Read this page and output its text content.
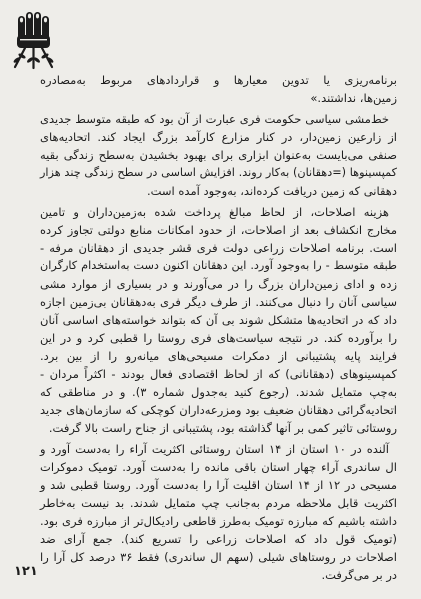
برنامه‌ریزی یا تدوین معیارها و قراردادهای مربوط به‌مصادره
زمین‌ها، نداشتند.»
خط‌مشی سیاسی حکومت فری عبارت از آن بود که طبقه متوسط جدیدی
از زارعین زمین‌دار، در کنار مزارع کارآمد بزرگ ایجاد کند. اتحادیه‌های
صنفی می‌بایست به‌عنوان ابزاری برای بهبود بخشیدن به‌سطح زندگی بقیه
کمپسینوها (=دهقانان) به‌کار روند. افزایش اساسی در سطح زندگی چند هزار
دهقانی که زمین دریافت کرده‌اند، به‌وجود آمده است.
هزینه اصلاحات، از لحاظ مبالغ پرداخت شده به‌زمین‌داران و تامین
مخارج انکشاف بعد از اصلاحات، از حدود امکانات منابع دولتی تجاوز کرده
است. برنامه اصلاحات زراعی دولت فری قشر جدیدی از دهقانان مرفه -
طبقه متوسط - را به‌وجود آورد. این دهقانان اکنون دست به‌استخدام کارگران
زده و ادای زمین‌داران بزرگ را در می‌آورند و در بسیاری از موارد مشی
سیاسی آنان را دنبال می‌کنند. از طرف دیگر فری به‌دهقانان بی‌زمین اجازه
داد که در اتحادیه‌ها متشکل شوند بی آن که بتواند خواسته‌های اساسی آنان
را برآورده کند. در نتیجه سیاست‌های فری روستا را قطبی کرد و در این
فرایند پایه پشتیبانی از دمکرات مسیحی‌های میانه‌رو را از بین برد.
کمپسینوهای (دهقانانی) که از لحاظ اقتصادی فعال بودند - اکثراً مردان -
به‌چپ متمایل شدند. (رجوع کنید به‌جدول شماره ۳). و در مناطقی که
اتحادیه‌گرائی دهقانان ضعیف بود ومزرعه‌داران کوچکی که سازمان‌های جدید
روستائی تاثیر کمی بر آنها گذاشته بود، پشتیبانی از جناح راست بالا گرفت.
آلنده در ۱۰ استان از ۱۴ استان روستائی اکثریت آراء را به‌دست آورد و
ال ساندری آراء چهار استان باقی مانده را به‌دست آورد. تومیک دموکرات
مسیحی در ۱۲ از ۱۴ استان اقلیت آرا را به‌دست آورد. روستا قطبی شد و
اکثریت قابل ملاحظه مردم به‌جانب چپ متمایل شدند. بد نیست به‌خاطر
داشته باشیم که مبارزه تومیک به‌طرز قاطعی رادیکال‌تر از مبارزه فری بود.
(تومیک قول داد که اصلاحات زراعی را تسریع کند). جمع آرای ضد
اصلاحات در روستاهای شیلی (سهم ال ساندری) فقط ۳۶ درصد کل آرا را
در بر می‌گرفت.
۱۲۱
